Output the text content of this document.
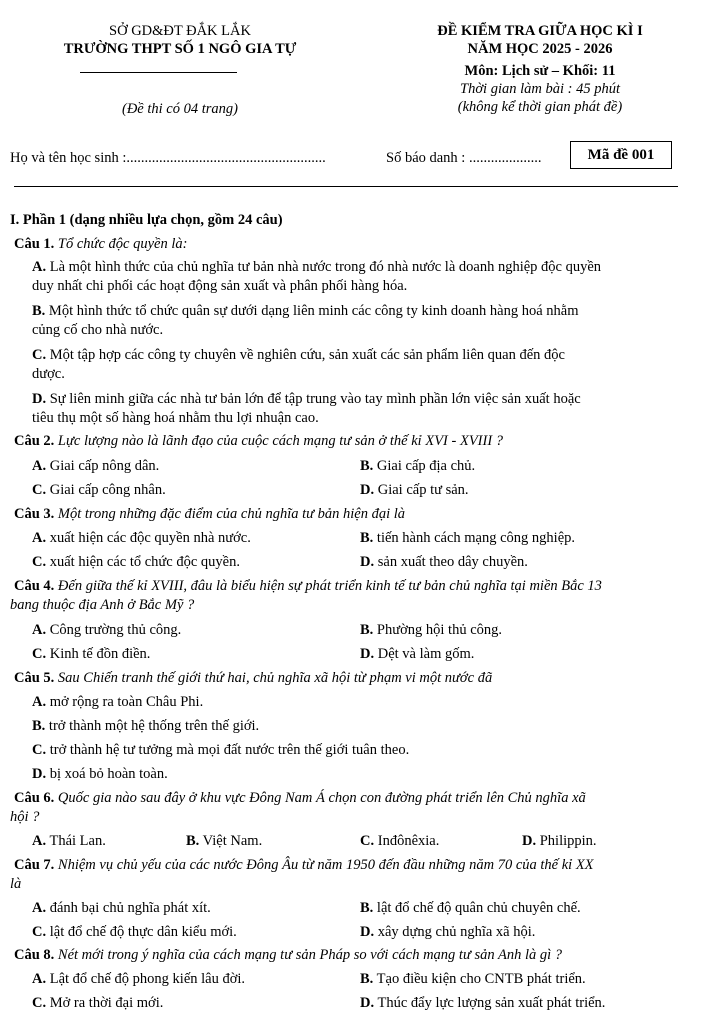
SỞ GD&ĐT ĐẮK LẮK
TRƯỜNG THPT SỐ 1 NGÔ GIA TỰ
(Đề thi có 04 trang)
ĐỀ KIỂM TRA GIỮA HỌC KÌ I
NĂM HỌC 2025 - 2026
Môn: Lịch sử – Khối: 11
Thời gian làm bài : 45 phút
(không kể thời gian phát đề)
Họ và tên học sinh :.......................................................	Số báo danh : ....................	Mã đề 001
I. Phần 1 (dạng nhiều lựa chọn, gồm 24 câu)
Câu 1. Tổ chức độc quyền là:
A. Là một hình thức của chủ nghĩa tư bản nhà nước trong đó nhà nước là doanh nghiệp độc quyền
duy nhất chi phối các hoạt động sản xuất và phân phối hàng hóa.
B. Một hình thức tổ chức quân sự dưới dạng liên minh các công ty kinh doanh hàng hoá nhằm
củng cố cho nhà nước.
C. Một tập hợp các công ty chuyên về nghiên cứu, sản xuất các sản phẩm liên quan đến độc
dược.
D. Sự liên minh giữa các nhà tư bản lớn để tập trung vào tay mình phần lớn việc sản xuất hoặc
tiêu thụ một số hàng hoá nhằm thu lợi nhuận cao.
Câu 2. Lực lượng nào là lãnh đạo của cuộc cách mạng tư sản ở thế kỉ XVI - XVIII ?
A. Giai cấp nông dân.	B. Giai cấp địa chủ.
C. Giai cấp công nhân.	D. Giai cấp tư sản.
Câu 3. Một trong những đặc điểm của chủ nghĩa tư bản hiện đại là
A. xuất hiện các độc quyền nhà nước.	B. tiến hành cách mạng công nghiệp.
C. xuất hiện các tổ chức độc quyền.	D. sản xuất theo dây chuyền.
Câu 4. Đến giữa thế kỉ XVIII, đâu là biểu hiện sự phát triển kinh tế tư bản chủ nghĩa tại miền Bắc 13
bang thuộc địa Anh ở Bắc Mỹ ?
A. Công trường thủ công.	B. Phường hội thủ công.
C. Kinh tế đồn điền.	D. Dệt và làm gốm.
Câu 5. Sau Chiến tranh thế giới thứ hai, chủ nghĩa xã hội từ phạm vi một nước đã
A. mở rộng ra toàn Châu Phi.
B. trở thành một hệ thống trên thế giới.
C. trở thành hệ tư tưởng mà mọi đất nước trên thế giới tuân theo.
D. bị xoá bỏ hoàn toàn.
Câu 6. Quốc gia nào sau đây ở khu vực Đông Nam Á chọn con đường phát triển lên Chủ nghĩa xã
hội ?
A. Thái Lan.	B. Việt Nam.	C. Inđônêxia.	D. Philippin.
Câu 7. Nhiệm vụ chủ yếu của các nước Đông Âu từ năm 1950 đến đầu những năm 70 của thế kỉ XX
là
A. đánh bại chủ nghĩa phát xít.	B. lật đổ chế độ quân chủ chuyên chế.
C. lật đổ chế độ thực dân kiểu mới.	D. xây dựng chủ nghĩa xã hội.
Câu 8. Nét mới trong ý nghĩa của cách mạng tư sản Pháp so với cách mạng tư sản Anh là gì ?
A. Lật đổ chế độ phong kiến lâu đời.	B. Tạo điều kiện cho CNTB phát triển.
C. Mở ra thời đại mới.	D. Thúc đẩy lực lượng sản xuất phát triển.
